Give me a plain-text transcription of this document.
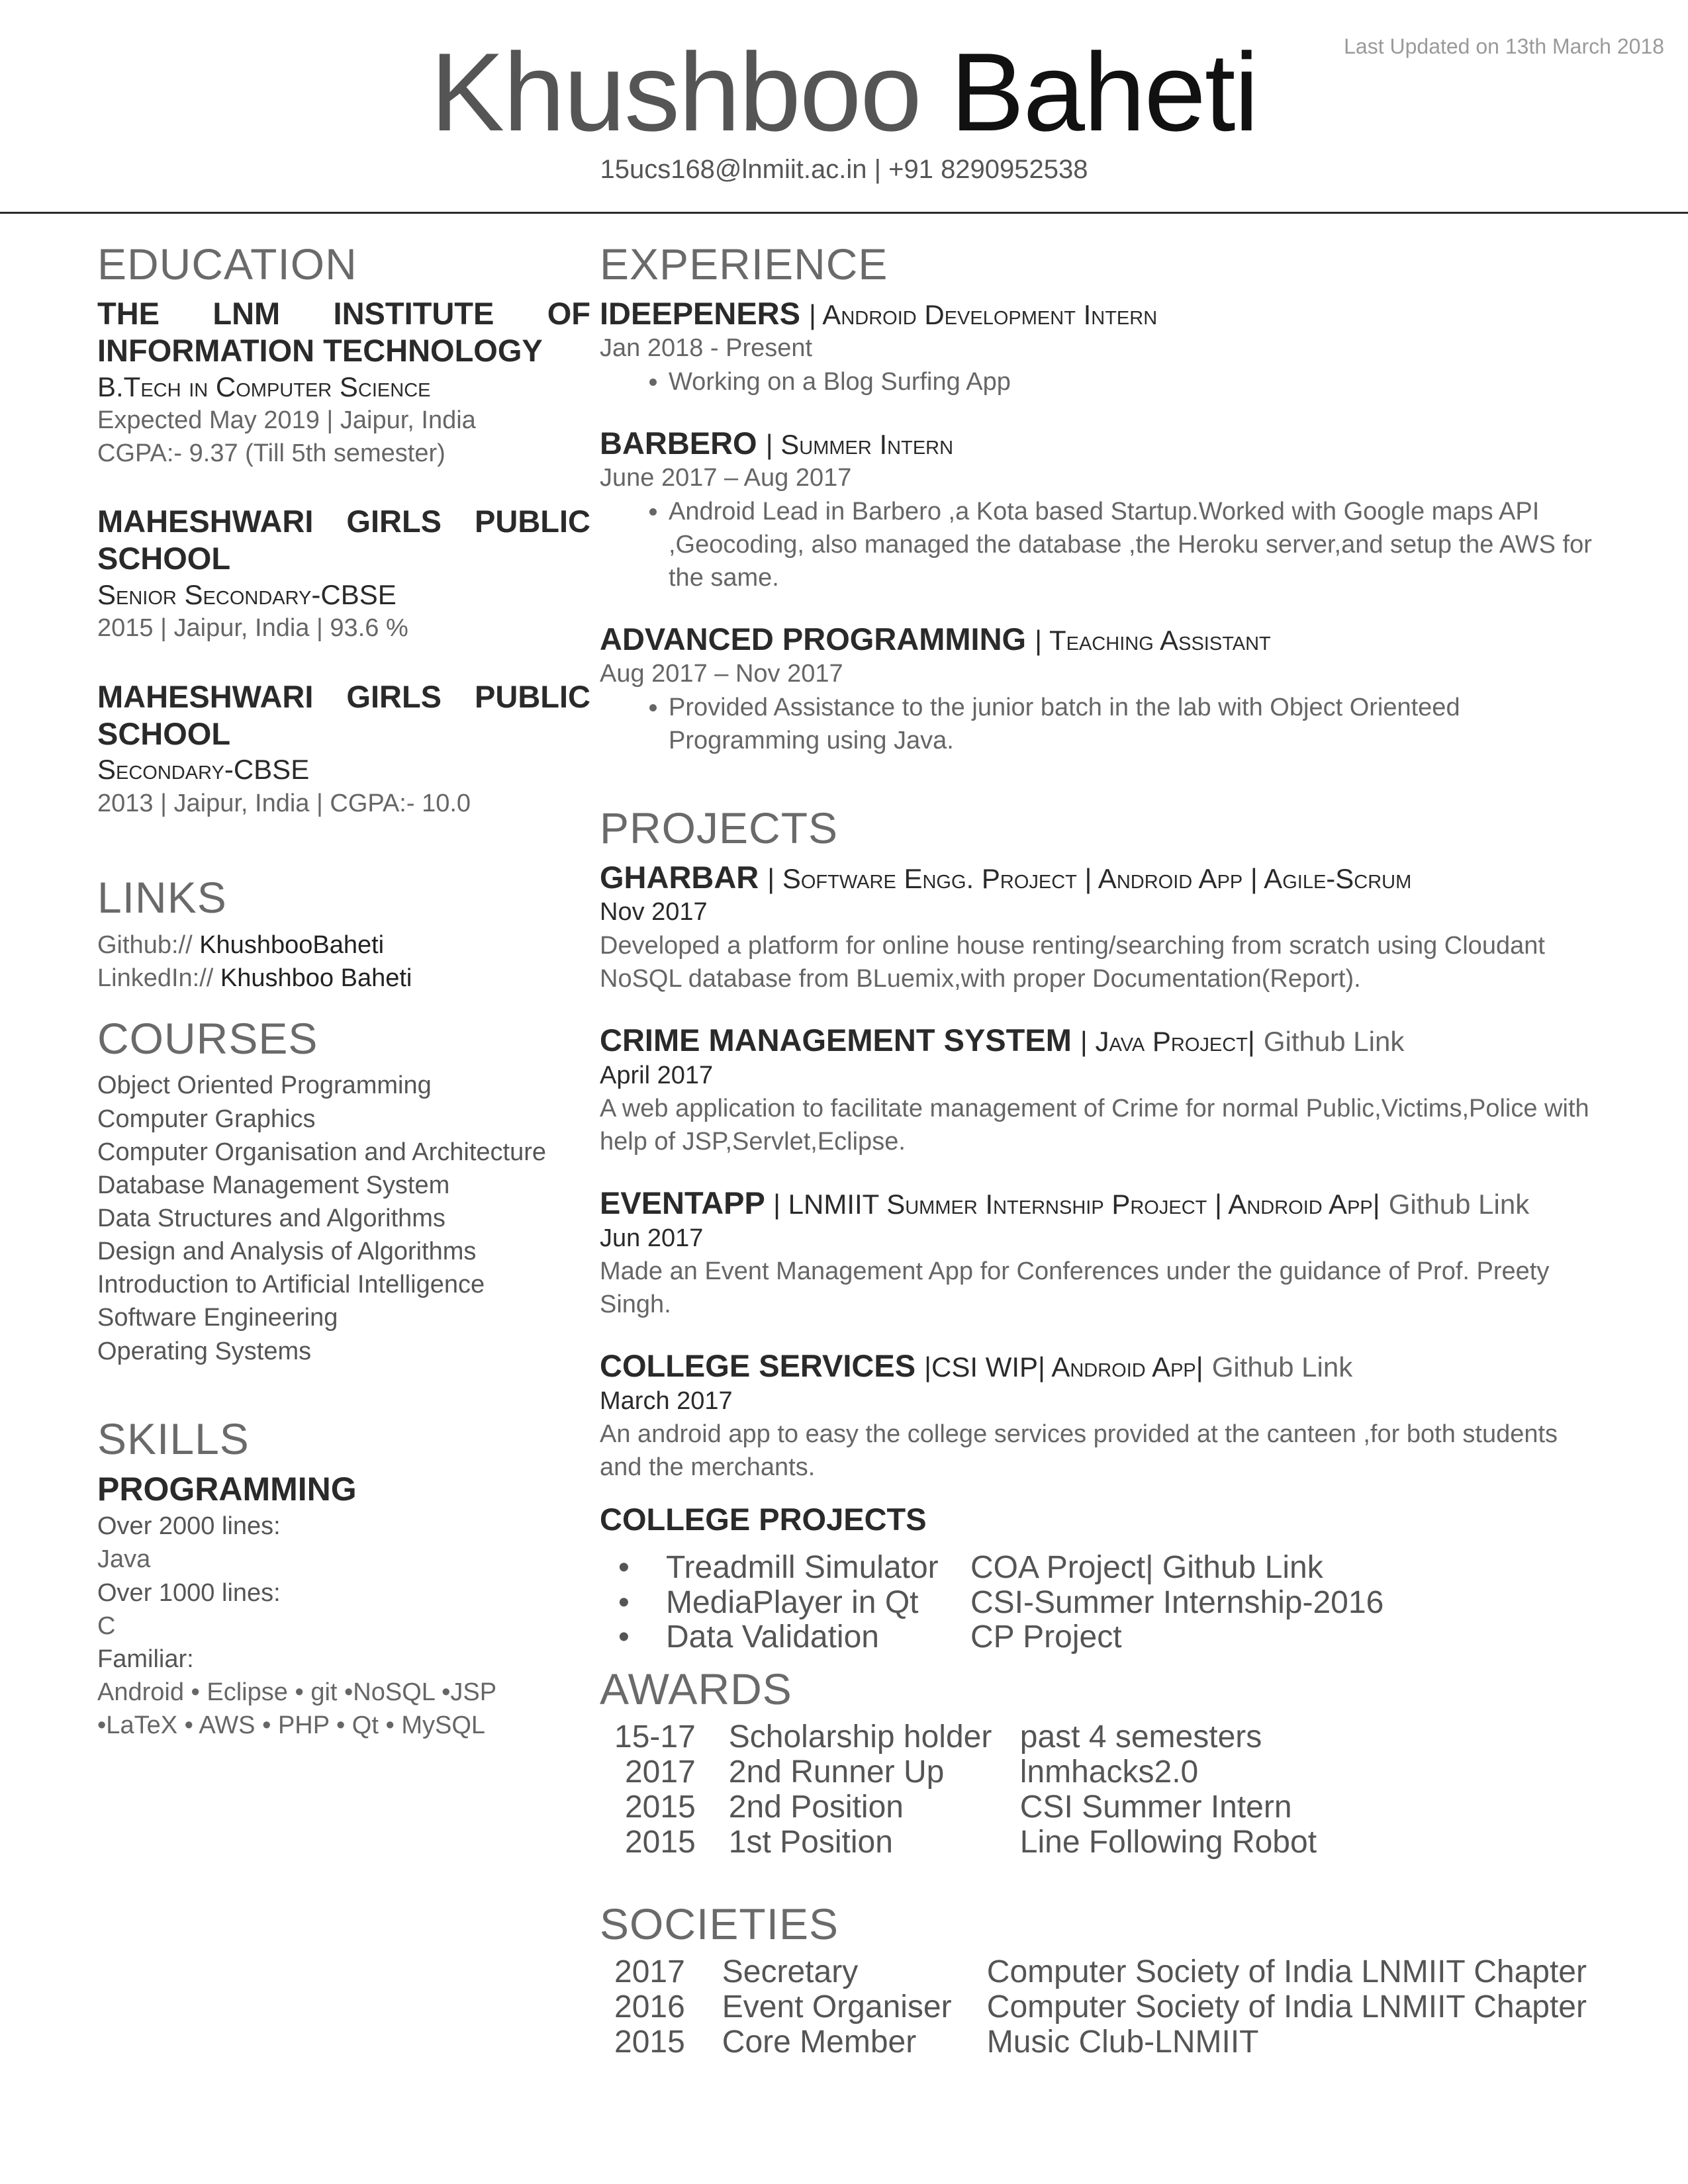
Last Updated on 13th March 2018
Khushboo Baheti
15ucs168@lnmiit.ac.in | +91 8290952538
EDUCATION
THE LNM INSTITUTE OF INFORMATION TECHNOLOGY
B.Tech in Computer Science
Expected May 2019 | Jaipur, India
CGPA:- 9.37 (Till 5th semester)
MAHESHWARI GIRLS PUBLIC SCHOOL
Senior Secondary-CBSE
2015 | Jaipur, India | 93.6 %
MAHESHWARI GIRLS PUBLIC SCHOOL
Secondary-CBSE
2013 | Jaipur, India | CGPA:- 10.0
LINKS
Github:// KhushbooBaheti
LinkedIn:// Khushboo Baheti
COURSES
Object Oriented Programming
Computer Graphics
Computer Organisation and Architecture
Database Management System
Data Structures and Algorithms
Design and Analysis of Algorithms
Introduction to Artificial Intelligence
Software Engineering
Operating Systems
SKILLS
PROGRAMMING
Over 2000 lines:
Java
Over 1000 lines:
C
Familiar:
Android • Eclipse • git •NoSQL •JSP
•LaTeX • AWS • PHP • Qt • MySQL
EXPERIENCE
IDEEPENERS | Android Development Intern
Jan 2018 - Present
• Working on a Blog Surfing App
BARBERO | Summer Intern
June 2017 – Aug 2017
• Android Lead in Barbero ,a Kota based Startup.Worked with Google maps API ,Geocoding, also managed the database ,the Heroku server,and setup the AWS for the same.
ADVANCED PROGRAMMING | Teaching Assistant
Aug 2017 – Nov 2017
• Provided Assistance to the junior batch in the lab with Object Orienteed Programming using Java.
PROJECTS
GHARBAR | Software Engg. Project | Android App | Agile-Scrum
Nov 2017
Developed a platform for online house renting/searching from scratch using Cloudant NoSQL database from BLuemix,with proper Documentation(Report).
CRIME MANAGEMENT SYSTEM | Java Project| Github Link
April 2017
A web application to facilitate management of Crime for normal Public,Victims,Police with help of JSP,Servlet,Eclipse.
EVENTAPP | LNMIIT Summer Internship Project | Android App| Github Link
Jun 2017
Made an Event Management App for Conferences under the guidance of Prof. Preety Singh.
COLLEGE SERVICES |CSI WIP| Android App| Github Link
March 2017
An android app to easy the college services provided at the canteen ,for both students and the merchants.
COLLEGE PROJECTS
•	Treadmill Simulator	COA Project| Github Link
•	MediaPlayer in Qt	CSI-Summer Internship-2016
•	Data Validation	CP Project
AWARDS
15-17	Scholarship holder	past 4 semesters
2017	2nd Runner Up	lnmhacks2.0
2015	2nd Position	CSI Summer Intern
2015	1st Position	Line Following Robot
SOCIETIES
2017	Secretary	Computer Society of India LNMIIT Chapter
2016	Event Organiser	Computer Society of India LNMIIT Chapter
2015	Core Member	Music Club-LNMIIT
